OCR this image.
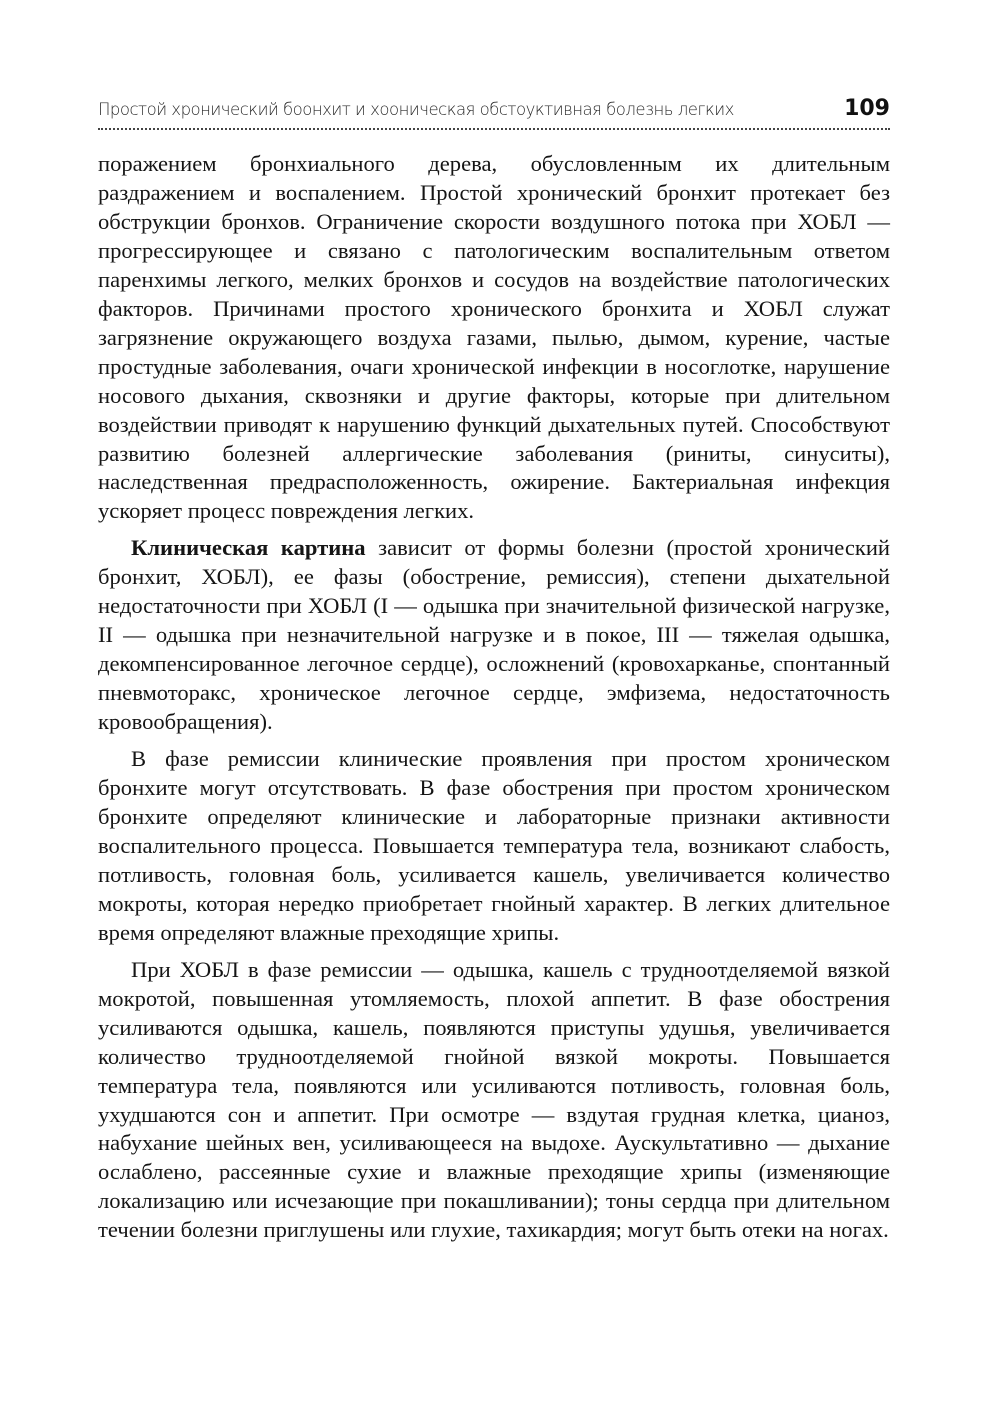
Простой хронический боонхит и хооническая обстоуктивная болезнь легких	109

поражением бронхиального дерева, обусловленным их длительным раздражением и воспалением. Простой хронический бронхит протекает без обструкции бронхов. Ограничение скорости воздушного потока при ХОБЛ — прогрессирующее и связано с патологическим воспалительным ответом паренхимы легкого, мелких бронхов и сосудов на воздействие патологических факторов. Причинами простого хронического бронхита и ХОБЛ служат загрязнение окружающего воздуха газами, пылью, дымом, курение, частые простудные заболевания, очаги хронической инфекции в носоглотке, нарушение носового дыхания, сквозняки и другие факторы, которые при длительном воздействии приводят к нарушению функций дыхательных путей. Способствуют развитию болезней аллергические заболевания (риниты, синуситы), наследственная предрасположенность, ожирение. Бактериальная инфекция ускоряет процесс повреждения легких.

Клиническая картина зависит от формы болезни (простой хронический бронхит, ХОБЛ), ее фазы (обострение, ремиссия), степени дыхательной недостаточности при ХОБЛ (I — одышка при значительной физической нагрузке, II — одышка при незначительной нагрузке и в покое, III — тяжелая одышка, декомпенсированное легочное сердце), осложнений (кровохарканье, спонтанный пневмоторакс, хроническое легочное сердце, эмфизема, недостаточность кровообращения).

В фазе ремиссии клинические проявления при простом хроническом бронхите могут отсутствовать. В фазе обострения при простом хроническом бронхите определяют клинические и лабораторные признаки активности воспалительного процесса. Повышается температура тела, возникают слабость, потливость, головная боль, усиливается кашель, увеличивается количество мокроты, которая нередко приобретает гнойный характер. В легких длительное время определяют влажные преходящие хрипы.

При ХОБЛ в фазе ремиссии — одышка, кашель с трудноотделяемой вязкой мокротой, повышенная утомляемость, плохой аппетит. В фазе обострения усиливаются одышка, кашель, появляются приступы удушья, увеличивается количество трудноотделяемой гнойной вязкой мокроты. Повышается температура тела, появляются или усиливаются потливость, головная боль, ухудшаются сон и аппетит. При осмотре — вздутая грудная клетка, цианоз, набухание шейных вен, усиливающееся на выдохе. Аускультативно — дыхание ослаблено, рассеянные сухие и влажные преходящие хрипы (изменяющие локализацию или исчезающие при покашливании); тоны сердца при длительном течении болезни приглушены или глухие, тахикардия; могут быть отеки на ногах.
